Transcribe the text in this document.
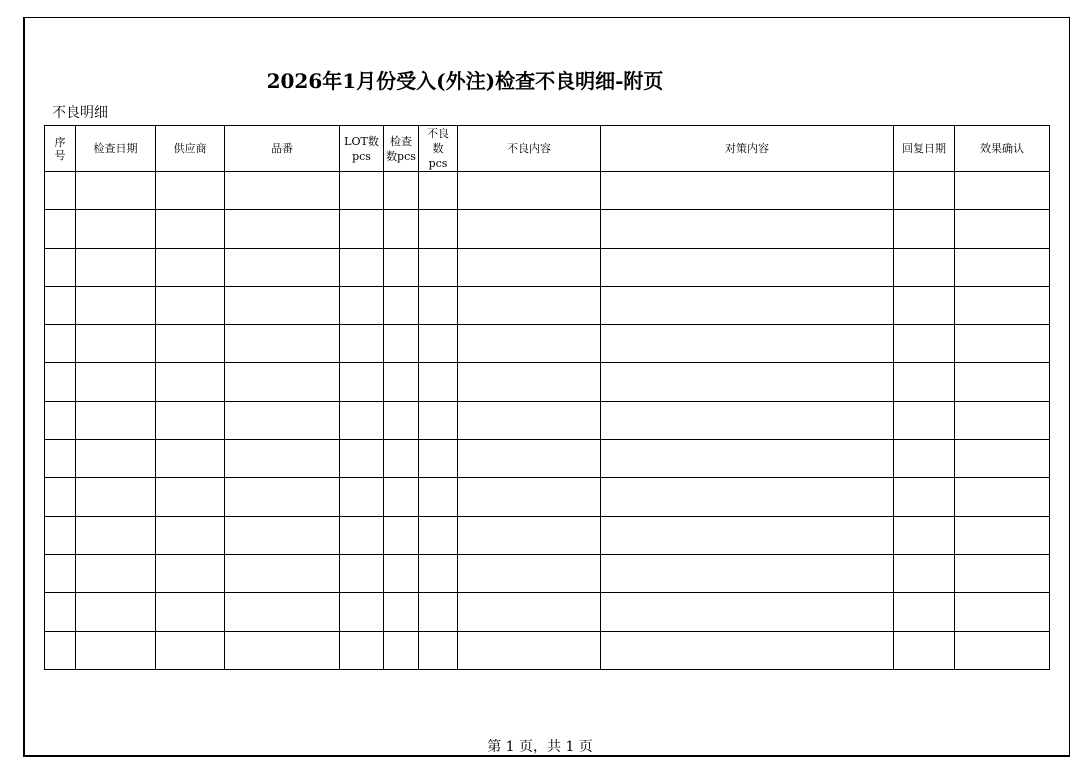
2026年1月份受入(外注)检查不良明细-附页
不良明细
序号	检查日期	供应商	品番	LOT数pcs	检查数pcs	不良数pcs	不良内容	对策内容	回复日期	效果确认

第 1 页，共 1 页
